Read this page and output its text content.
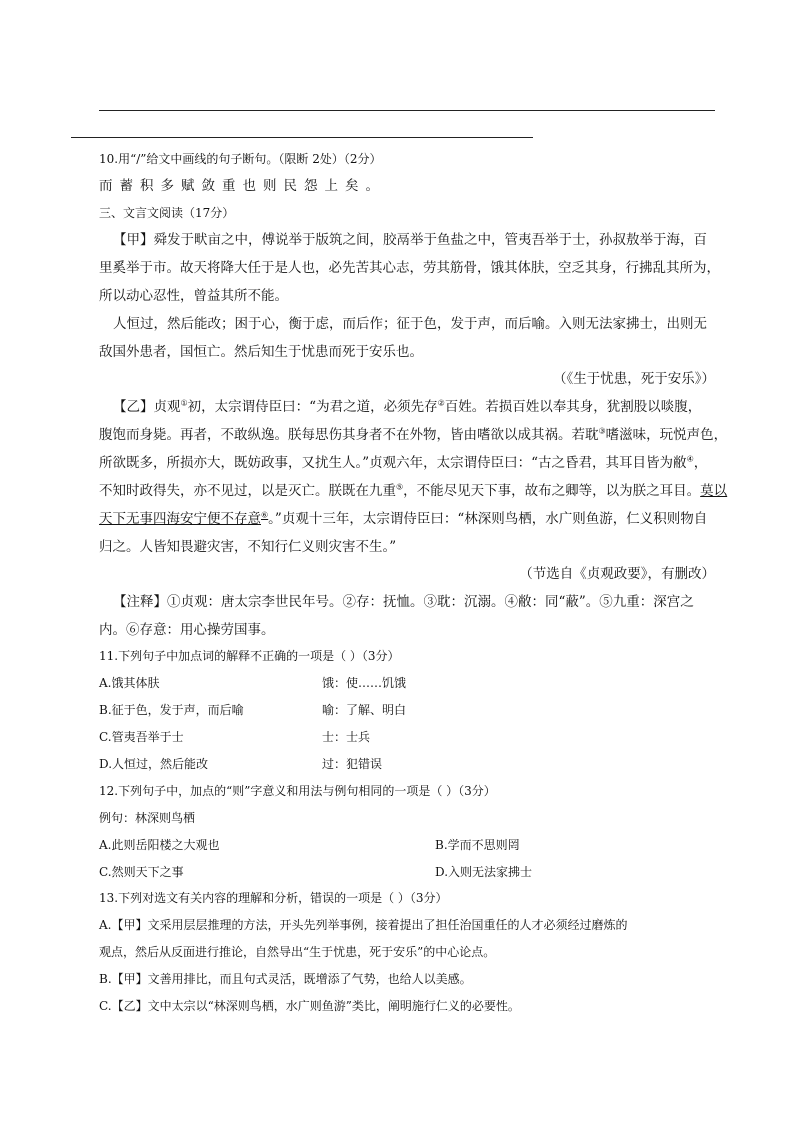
10.用“/”给文中画线的句子断句。（限断 2处）（2分）
而蓄积多赋敛重也则民怨上矣。
三、文言文阅读（17分）
【甲】舜发于畎亩之中，傅说举于版筑之间，胶鬲举于鱼盐之中，管夷吾举于士，孙叔敖举于海，百
里奚举于市。故天将降大任于是人也，必先苦其心志，劳其筋骨，饿其体肤，空乏其身，行拂乱其所为，
所以动心忍性，曾益其所不能。
人恒过，然后能改；困于心，衡于虑，而后作；征于色，发于声，而后喻。入则无法家拂士，出则无
敌国外患者，国恒亡。然后知生于忧患而死于安乐也。
（《生于忧患，死于安乐》）
【乙】贞观①初，太宗谓侍臣曰：“为君之道，必须先存②百姓。若损百姓以奉其身，犹割股以啖腹，
腹饱而身毙。再者，不敢纵逸。朕每思伤其身者不在外物，皆由嗜欲以成其祸。若耽③嗜滋味，玩悦声色，
所欲既多，所损亦大，既妨政事，又扰生人。”贞观六年，太宗谓侍臣曰：“古之昏君，其耳目皆为敝④，
不知时政得失，亦不见过，以是灭亡。朕既在九重⑤，不能尽见天下事，故布之卿等，以为朕之耳目。莫以
天下无事四海安宁便不存意⑥。”贞观十三年，太宗谓侍臣曰：“林深则鸟栖，水广则鱼游，仁义积则物自
归之。人皆知畏避灾害，不知行仁义则灾害不生。”
（节选自《贞观政要》，有删改）
【注释】①贞观：唐太宗李世民年号。②存：抚恤。③耽：沉溺。④敝：同“蔽”。⑤九重：深宫之
内。⑥存意：用心操劳国事。
11.下列句子中加点词的解释不正确的一项是（ ）（3分）
A.饿其体肤	饿：使……饥饿
B.征于色，发于声，而后喻	喻：了解、明白
C.管夷吾举于士	士：士兵
D.人恒过，然后能改	过：犯错误
12.下列句子中，加点的“则”字意义和用法与例句相同的一项是（ ）（3分）
例句：林深则鸟栖
A.此则岳阳楼之大观也	B.学而不思则罔
C.然则天下之事	D.入则无法家拂士
13.下列对选文有关内容的理解和分析，错误的一项是（ ）（3分）
A.【甲】文采用层层推理的方法，开头先列举事例，接着提出了担任治国重任的人才必须经过磨炼的
观点，然后从反面进行推论，自然导出“生于忧患，死于安乐”的中心论点。
B.【甲】文善用排比，而且句式灵活，既增添了气势，也给人以美感。
C.【乙】文中太宗以“林深则鸟栖，水广则鱼游”类比，阐明施行仁义的必要性。
